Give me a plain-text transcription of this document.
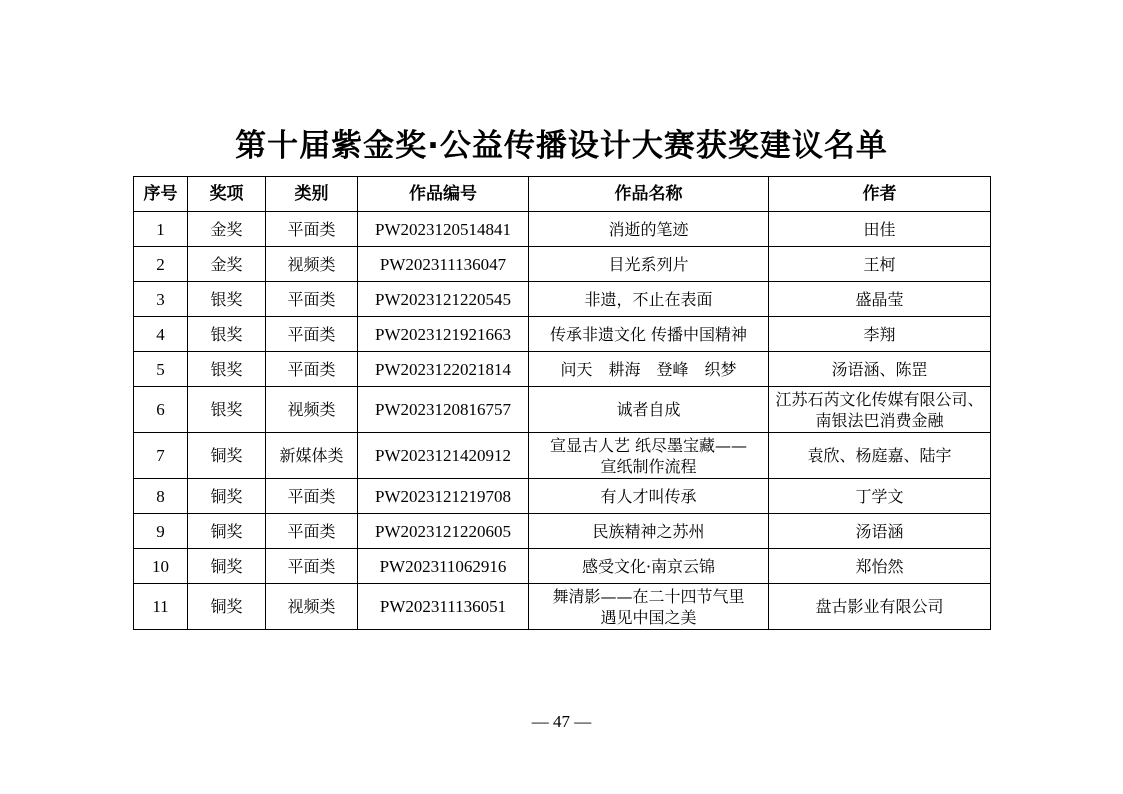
第十届紫金奖·公益传播设计大赛获奖建议名单
序号	奖项	类别	作品编号	作品名称	作者
1	金奖	平面类	PW2023120514841	消逝的笔迹	田佳

2	金奖	视频类	PW202311136047	目光系列片	王柯

3	银奖	平面类	PW2023121220545	非遗，不止在表面	盛晶莹

4	银奖	平面类	PW2023121921663	传承非遗文化 传播中国精神	李翔

5	银奖	平面类	PW2023122021814	问天　耕海　登峰　织梦	汤语涵、陈罡

6	银奖	视频类	PW2023120816757	诚者自成	江苏石芮文化传媒有限公司、
南银法巴消费金融

7	铜奖	新媒体类	PW2023121420912	宣显古人艺 纸尽墨宝藏——
宣纸制作流程	袁欣、杨庭嘉、陆宇

8	铜奖	平面类	PW2023121219708	有人才叫传承	丁学文

9	铜奖	平面类	PW2023121220605	民族精神之苏州	汤语涵

10	铜奖	平面类	PW202311062916	感受文化·南京云锦	郑怡然

11	铜奖	视频类	PW202311136051	舞清影——在二十四节气里
遇见中国之美	盘古影业有限公司
— 47 —
